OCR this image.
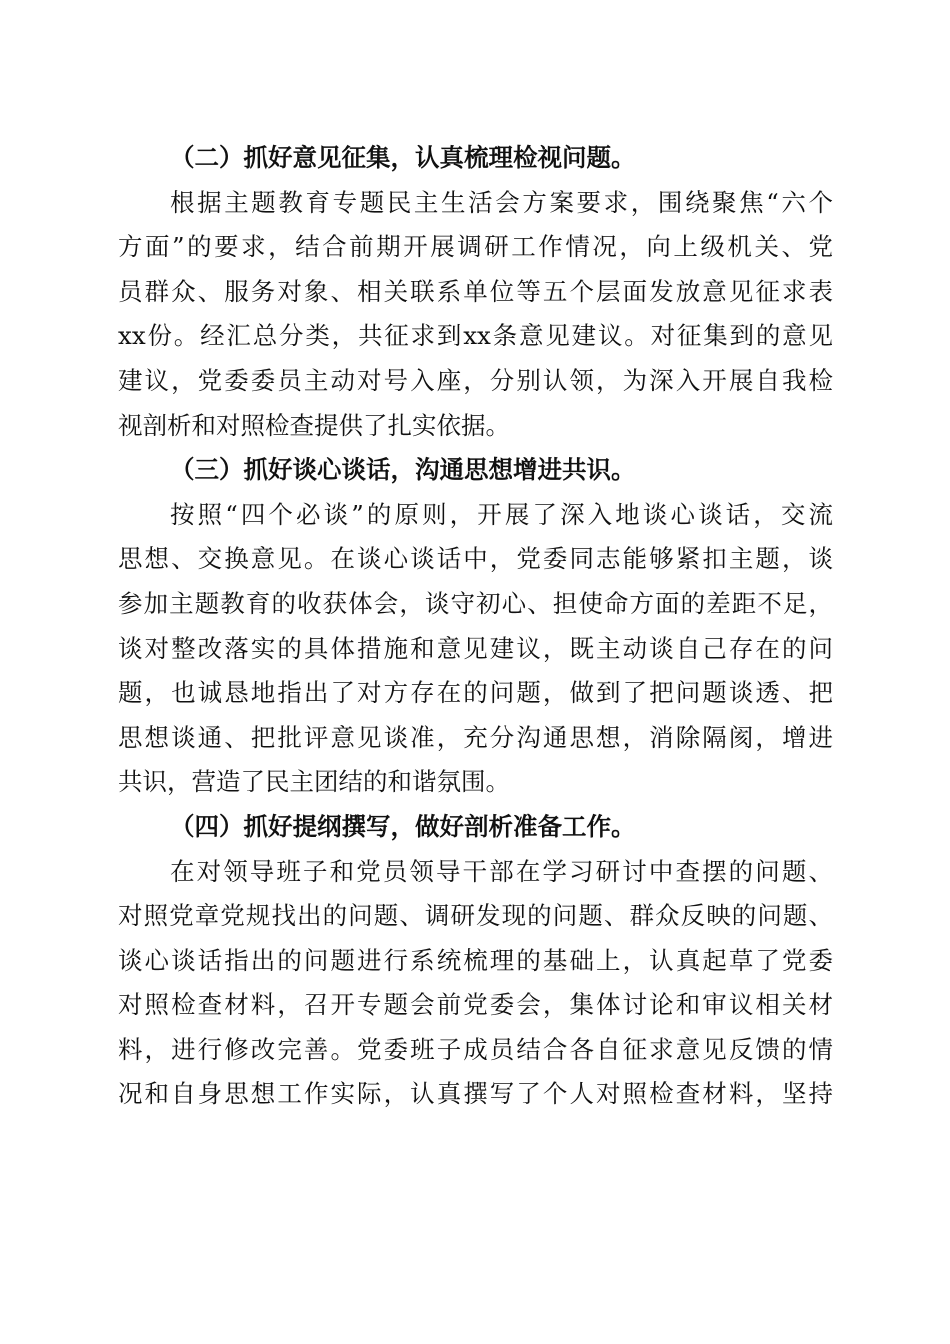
（二）抓好意见征集，认真梳理检视问题。
根据主题教育专题民主生活会方案要求，围绕聚焦“六个
方面”的要求，结合前期开展调研工作情况，向上级机关、党
员群众、服务对象、相关联系单位等五个层面发放意见征求表
xx份。经汇总分类，共征求到xx条意见建议。对征集到的意见
建议，党委委员主动对号入座，分别认领，为深入开展自我检
视剖析和对照检查提供了扎实依据。
（三）抓好谈心谈话，沟通思想增进共识。
按照“四个必谈”的原则，开展了深入地谈心谈话，交流
思想、交换意见。在谈心谈话中，党委同志能够紧扣主题，谈
参加主题教育的收获体会，谈守初心、担使命方面的差距不足，
谈对整改落实的具体措施和意见建议，既主动谈自己存在的问
题，也诚恳地指出了对方存在的问题，做到了把问题谈透、把
思想谈通、把批评意见谈准，充分沟通思想，消除隔阂，增进
共识，营造了民主团结的和谐氛围。
（四）抓好提纲撰写，做好剖析准备工作。
在对领导班子和党员领导干部在学习研讨中查摆的问题、
对照党章党规找出的问题、调研发现的问题、群众反映的问题、
谈心谈话指出的问题进行系统梳理的基础上，认真起草了党委
对照检查材料，召开专题会前党委会，集体讨论和审议相关材
料，进行修改完善。党委班子成员结合各自征求意见反馈的情
况和自身思想工作实际，认真撰写了个人对照检查材料，坚持
